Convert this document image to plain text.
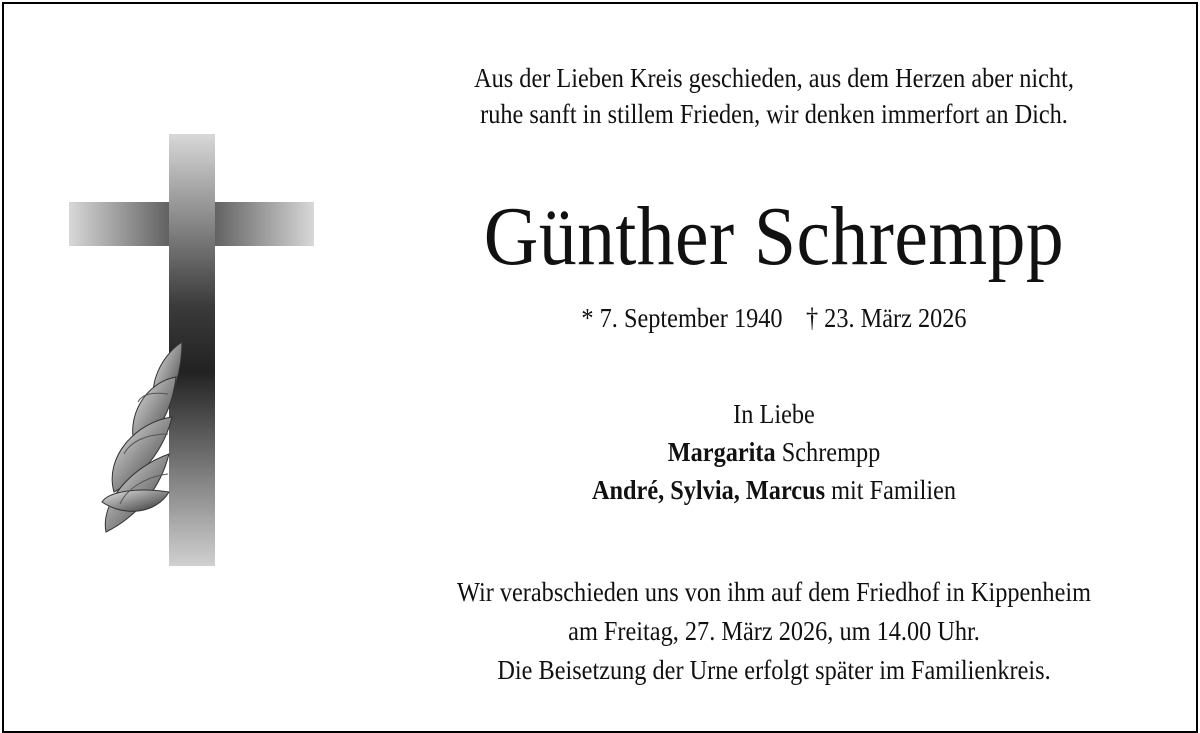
Aus der Lieben Kreis geschieden, aus dem Herzen aber nicht,
ruhe sanft in stillem Frieden, wir denken immerfort an Dich.
Günther Schrempp
* 7. September 1940 † 23. März 2026
In Liebe
Margarita Schrempp
André, Sylvia, Marcus mit Familien
Wir verabschieden uns von ihm auf dem Friedhof in Kippenheim
am Freitag, 27. März 2026, um 14.00 Uhr.
Die Beisetzung der Urne erfolgt später im Familienkreis.
